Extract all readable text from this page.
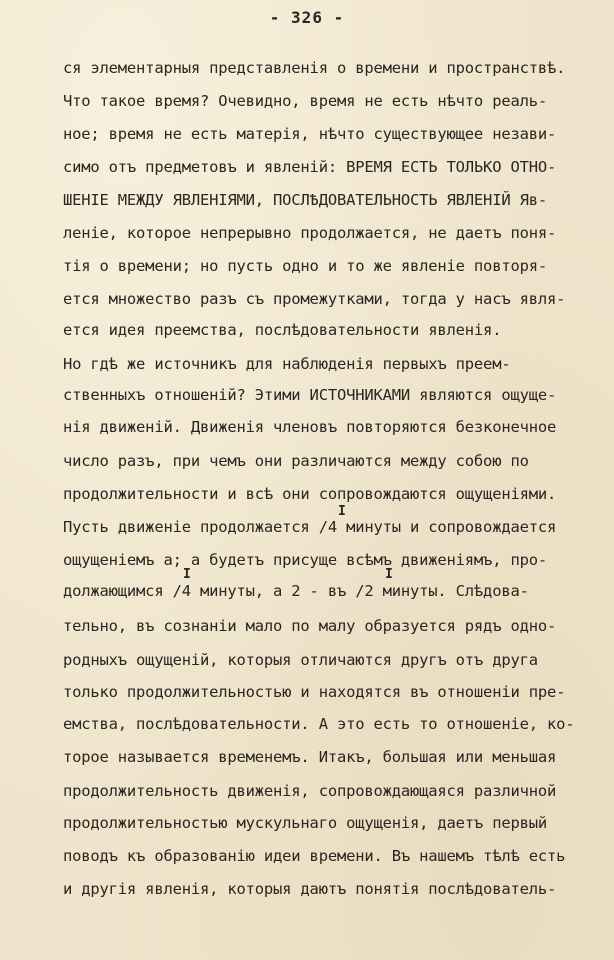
- 326 -
ся элементарныя представленія о времени и пространствѣ.
Что такое время? Очевидно, время не есть нѣчто реаль-
ное; время не есть матерія, нѣчто существующее незави-
симо отъ предметовъ и явленій: ВРЕМЯ ЕСТЬ ТОЛЬКО ОТНО-
ШЕНІЕ МЕЖДУ ЯВЛЕНІЯМИ, ПОСЛѢДОВАТЕЛЬНОСТЬ ЯВЛЕНІЙ Яв-
леніе, которое непрерывно продолжается, не даетъ поня-
тія о времени; но пусть одно и то же явленіе повторя-
ется множество разъ съ промежутками, тогда у насъ явля-
ется идея преемства, послѣдовательности явленія.
Но гдѣ же источникъ для наблюденія первыхъ преем-
ственныхъ отношеній? Этими ИСТОЧНИКАМИ являются ощуще-
нія движеній. Движенія членовъ повторяются безконечное
число разъ, при чемъ они различаются между собою по
продолжительности и всѣ они сопровождаются ощущеніями.
I
Пусть движеніе продолжается /4 минуты и сопровождается
ощущеніемъ а; а будетъ присуще всѣмъ движеніямъ, про-
I	I
должающимся /4 минуты, а 2 - въ /2 минуты. Слѣдова-
тельно, въ сознаніи мало по малу образуется рядъ одно-
родныхъ ощущеній, которыя отличаются другъ отъ друга
только продолжительностью и находятся въ отношеніи пре-
емства, послѣдовательности. А это есть то отношеніе, ко-
торое называется временемъ. Итакъ, большая или меньшая
продолжительность движенія, сопровождающаяся различной
продолжительностью мускульнаго ощущенія, даетъ первый
поводъ къ образованію идеи времени. Въ нашемъ тѣлѣ есть
и другія явленія, которыя даютъ понятія послѣдователь-
